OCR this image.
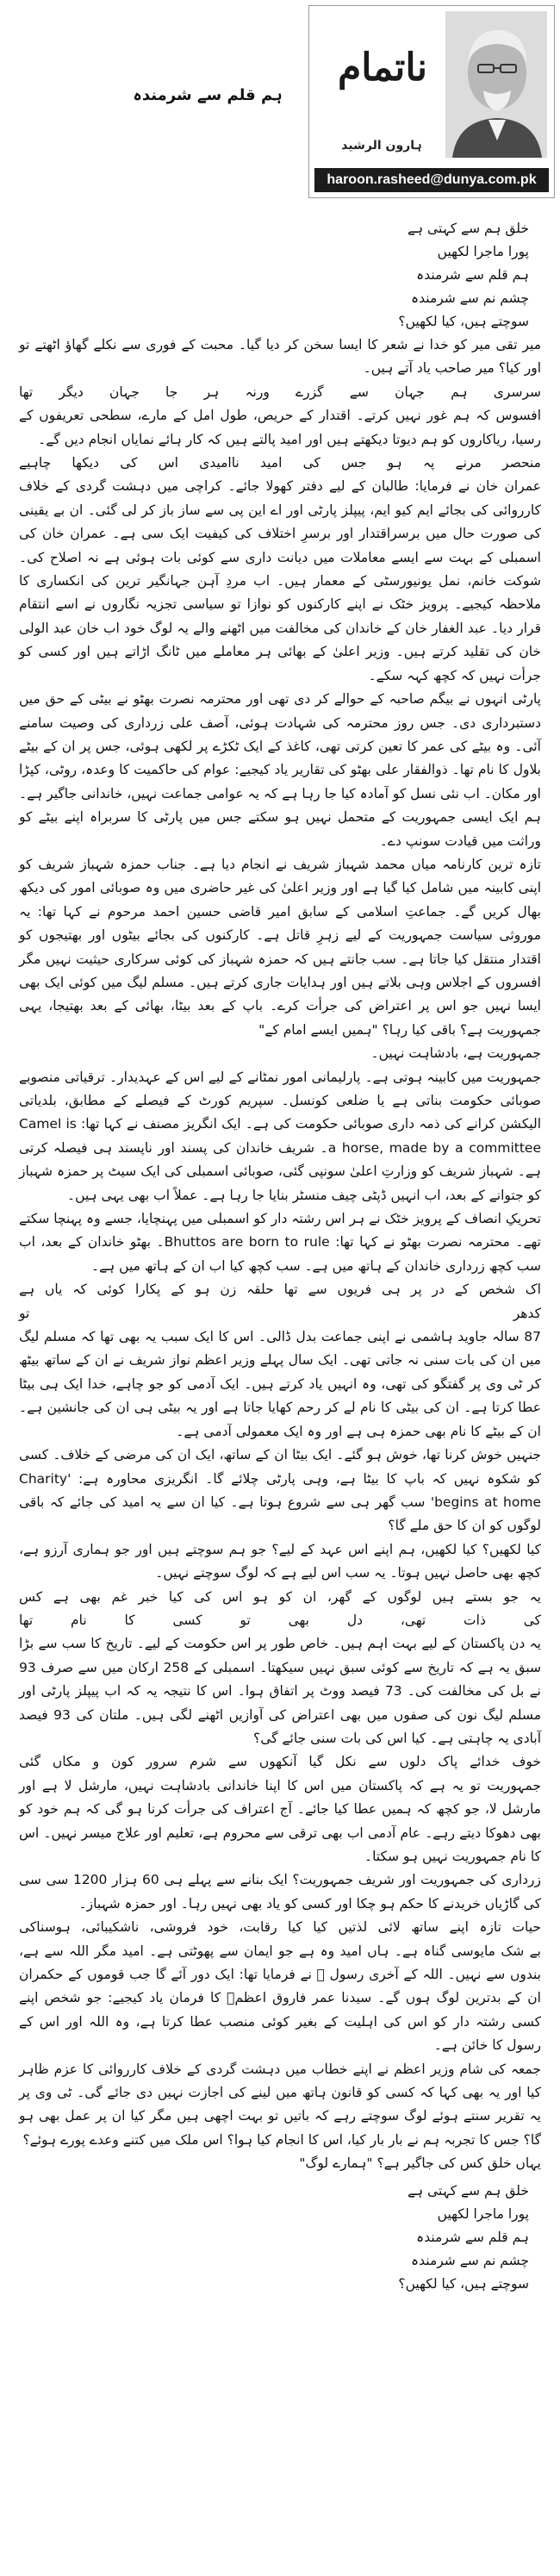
ناتمام
ہارون الرشید
haroon.rasheed@dunya.com.pk
ہم قلم سے شرمندہ
خلق ہم سے کہتی ہے
پورا ماجرا لکھیں
ہم قلم سے شرمندہ
چشم نم سے شرمندہ
سوچتے ہیں، کیا لکھیں؟

میر تقی میر کو خدا نے شعر کا ایسا سخن کر دیا گیا۔ محبت کے فوری سے نکلے گھاؤ اٹھتے تو اور کیا؟ میر صاحب یاد آتے ہیں۔

سرسری ہم جہان سے گزرے ورنہ ہر جا جہان دیگر تھا

افسوس کہ ہم غور نہیں کرتے۔ اقتدار کے حریص، طول امل کے مارے، سطحی تعریفوں کے رسیا، ریاکاروں کو ہم دیوتا دیکھتے ہیں اور امید پالتے ہیں کہ کار ہائے نمایاں انجام دیں گے۔

منحصر مرنے پہ ہو جس کی امید ناامیدی اس کی دیکھا چاہیے

عمران خان نے فرمایا: طالبان کے لیے دفتر کھولا جائے۔ کراچی میں دہشت گردی کے خلاف کارروائی کی بجائے ایم کیو ایم، پیپلز پارٹی اور اے این پی سے ساز باز کر لی گئی۔ ان بے یقینی کی صورت حال میں برسراقتدار اور برسرِ اختلاف کی کیفیت ایک سی ہے۔ عمران خان کی اسمبلی کے بہت سے ایسے معاملات میں دیانت داری سے کوئی بات ہوئی ہے نہ اصلاح کی۔ شوکت خانم، نمل یونیورسٹی کے معمار ہیں۔ اب مردِ آہن جہانگیر ترین کی انکساری کا ملاحظہ کیجیے۔ پرویز خٹک نے اپنے کارکنوں کو نوازا تو سیاسی تجزیہ نگاروں نے اسے انتقام قرار دیا۔ عبد الغفار خان کے خاندان کی مخالفت میں اٹھنے والے یہ لوگ خود اب خان عبد الولی خان کی تقلید کرتے ہیں۔ وزیر اعلیٰ کے بھائی ہر معاملے میں ٹانگ اڑاتے ہیں اور کسی کو جرأت نہیں کہ کچھ کہہ سکے۔

پارٹی انہوں نے بیگم صاحبہ کے حوالے کر دی تھی اور محترمہ نصرت بھٹو نے بیٹی کے حق میں دستبرداری دی۔ جس روز محترمہ کی شہادت ہوئی، آصف علی زرداری کی وصیت سامنے آئی۔ وہ بیٹے کی عمر کا تعین کرتی تھی، کاغذ کے ایک ٹکڑے پر لکھی ہوئی، جس پر ان کے بیٹے بلاول کا نام تھا۔ ذوالفقار علی بھٹو کی تقاریر یاد کیجیے: عوام کی حاکمیت کا وعدہ، روٹی، کپڑا اور مکان۔ اب نئی نسل کو آمادہ کیا جا رہا ہے کہ یہ عوامی جماعت نہیں، خاندانی جاگیر ہے۔ ہم ایک ایسی جمہوریت کے متحمل نہیں ہو سکتے جس میں پارٹی کا سربراہ اپنے بیٹے کو وراثت میں قیادت سونپ دے۔

تازہ ترین کارنامہ میاں محمد شہباز شریف نے انجام دیا ہے۔ جناب حمزہ شہباز شریف کو اپنی کابینہ میں شامل کیا گیا ہے اور وزیر اعلیٰ کی غیر حاضری میں وہ صوبائی امور کی دیکھ بھال کریں گے۔ جماعتِ اسلامی کے سابق امیر قاضی حسین احمد مرحوم نے کہا تھا: یہ موروثی سیاست جمہوریت کے لیے زہرِ قاتل ہے۔ کارکنوں کی بجائے بیٹوں اور بھتیجوں کو اقتدار منتقل کیا جاتا ہے۔ سب جانتے ہیں کہ حمزہ شہباز کی کوئی سرکاری حیثیت نہیں مگر افسروں کے اجلاس وہی بلاتے ہیں اور ہدایات جاری کرتے ہیں۔ مسلم لیگ میں کوئی ایک بھی ایسا نہیں جو اس پر اعتراض کی جرأت کرے۔ باپ کے بعد بیٹا، بھائی کے بعد بھتیجا، یہی جمہوریت ہے؟ باقی کیا رہا؟ "ہمیں ایسے امام کے"

جمہوریت ہے، بادشاہت نہیں۔

جمہوریت میں کابینہ ہوتی ہے۔ پارلیمانی امور نمٹانے کے لیے اس کے عہدیدار۔ ترقیاتی منصوبے صوبائی حکومت بناتی ہے یا ضلعی کونسل۔ سپریم کورٹ کے فیصلے کے مطابق، بلدیاتی الیکشن کرانے کی ذمہ داری صوبائی حکومت کی ہے۔ ایک انگریز مصنف نے کہا تھا: Camel is a horse, made by a committee۔ شریف خاندان کی پسند اور ناپسند ہی فیصلہ کرتی ہے۔ شہباز شریف کو وزارتِ اعلیٰ سونپی گئی، صوبائی اسمبلی کی ایک سیٹ پر حمزہ شہباز کو جتوانے کے بعد، اب انہیں ڈپٹی چیف منسٹر بنایا جا رہا ہے۔ عملاً اب بھی یہی ہیں۔

تحریکِ انصاف کے پرویز خٹک نے ہر اس رشتہ دار کو اسمبلی میں پہنچایا، جسے وہ پہنچا سکتے تھے۔ محترمہ نصرت بھٹو نے کہا تھا: Bhuttos are born to rule۔ بھٹو خاندان کے بعد، اب سب کچھ زرداری خاندان کے ہاتھ میں ہے۔ سب کچھ کیا اب ان کے ہاتھ میں ہے۔

اک شخص کے در پر ہی فریوں سے تھا حلقہ زن ہو کے پکارا کوئی کہ یاں ہے کدھر تو

87 سالہ جاوید ہاشمی نے اپنی جماعت بدل ڈالی۔ اس کا ایک سبب یہ بھی تھا کہ مسلم لیگ میں ان کی بات سنی نہ جاتی تھی۔ ایک سال پہلے وزیر اعظم نواز شریف نے ان کے ساتھ بیٹھ کر ٹی وی پر گفتگو کی تھی، وہ انہیں یاد کرتے ہیں۔ ایک آدمی کو جو چاہے، خدا ایک ہی بیٹا عطا کرتا ہے۔ ان کی بیٹی کا نام لے کر رحم کھایا جاتا ہے اور یہ بیٹی ہی ان کی جانشین ہے۔ ان کے بیٹے کا نام بھی حمزہ ہی ہے اور وہ ایک معمولی آدمی ہے۔

جنہیں خوش کرنا تھا، خوش ہو گئے۔ ایک بیٹا ان کے ساتھ، ایک ان کی مرضی کے خلاف۔ کسی کو شکوہ نہیں کہ باپ کا بیٹا ہے، وہی پارٹی چلائے گا۔ انگریزی محاورہ ہے: 'Charity begins at home' سب گھر ہی سے شروع ہوتا ہے۔ کیا ان سے یہ امید کی جائے کہ باقی لوگوں کو ان کا حق ملے گا؟

کیا لکھیں؟ کیا لکھیں، ہم اپنے اس عہد کے لیے؟ جو ہم سوچتے ہیں اور جو ہماری آرزو ہے، کچھ بھی حاصل نہیں ہوتا۔ یہ سب اس لیے ہے کہ لوگ سوچتے نہیں۔

یہ جو بستے ہیں لوگوں کے گھر، ان کو ہو اس کی کیا خبر غم بھی ہے کس کی ذات تھی، دل بھی تو کسی کا نام تھا

یہ دن پاکستان کے لیے بہت اہم ہیں۔ خاص طور پر اس حکومت کے لیے۔ تاریخ کا سب سے بڑا سبق یہ ہے کہ تاریخ سے کوئی سبق نہیں سیکھتا۔ اسمبلی کے 258 ارکان میں سے صرف 93 نے بل کی مخالفت کی۔ 73 فیصد ووٹ پر اتفاق ہوا۔ اس کا نتیجہ یہ کہ اب پیپلز پارٹی اور مسلم لیگ نون کی صفوں میں بھی اعتراض کی آوازیں اٹھنے لگی ہیں۔ ملتان کی 93 فیصد آبادی یہ چاہتی ہے۔ کیا اس کی بات سنی جائے گی؟

خوف خدائے پاک دلوں سے نکل گیا آنکھوں سے شرم سرور کون و مکاں گئی

جمہوریت تو یہ ہے کہ پاکستان میں اس کا اپنا خاندانی بادشاہت نہیں، مارشل لا ہے اور مارشل لا، جو کچھ کہ ہمیں عطا کیا جائے۔ آج اعتراف کی جرأت کرنا ہو گی کہ ہم خود کو بھی دھوکا دیتے رہے۔ عام آدمی اب بھی ترقی سے محروم ہے، تعلیم اور علاج میسر نہیں۔ اس کا نام جمہوریت نہیں ہو سکتا۔

زرداری کی جمہوریت اور شریف جمہوریت؟ ایک بنانے سے پہلے ہی 60 ہزار 1200 سی سی کی گاڑیاں خریدنے کا حکم ہو چکا اور کسی کو یاد بھی نہیں رہا۔ اور حمزہ شہباز۔

حیات تازہ اپنے ساتھ لائی لذتیں کیا کیا رقابت، خود فروشی، ناشکیبائی، ہوسناکی

بے شک مایوسی گناہ ہے۔ ہاں امید وہ ہے جو ایمان سے پھوٹتی ہے۔ امید مگر اللہ سے ہے، بندوں سے نہیں۔ اللہ کے آخری رسول ﷺ نے فرمایا تھا: ایک دور آئے گا جب قوموں کے حکمران ان کے بدترین لوگ ہوں گے۔ سیدنا عمر فاروق اعظمؓ کا فرمان یاد کیجیے: جو شخص اپنے کسی رشتہ دار کو اس کی اہلیت کے بغیر کوئی منصب عطا کرتا ہے، وہ اللہ اور اس کے رسول کا خائن ہے۔

جمعہ کی شام وزیر اعظم نے اپنے خطاب میں دہشت گردی کے خلاف کارروائی کا عزم ظاہر کیا اور یہ بھی کہا کہ کسی کو قانون ہاتھ میں لینے کی اجازت نہیں دی جائے گی۔ ٹی وی پر یہ تقریر سنتے ہوئے لوگ سوچتے رہے کہ باتیں تو بہت اچھی ہیں مگر کیا ان پر عمل بھی ہو گا؟ جس کا تجربہ ہم نے بار بار کیا، اس کا انجام کیا ہوا؟ اس ملک میں کتنے وعدے پورے ہوئے؟

یہاں خلق کس کی جاگیر ہے؟ "ہمارے لوگ"

خلق ہم سے کہتی ہے
پورا ماجرا لکھیں
ہم قلم سے شرمندہ
چشم نم سے شرمندہ
سوچتے ہیں، کیا لکھیں؟
